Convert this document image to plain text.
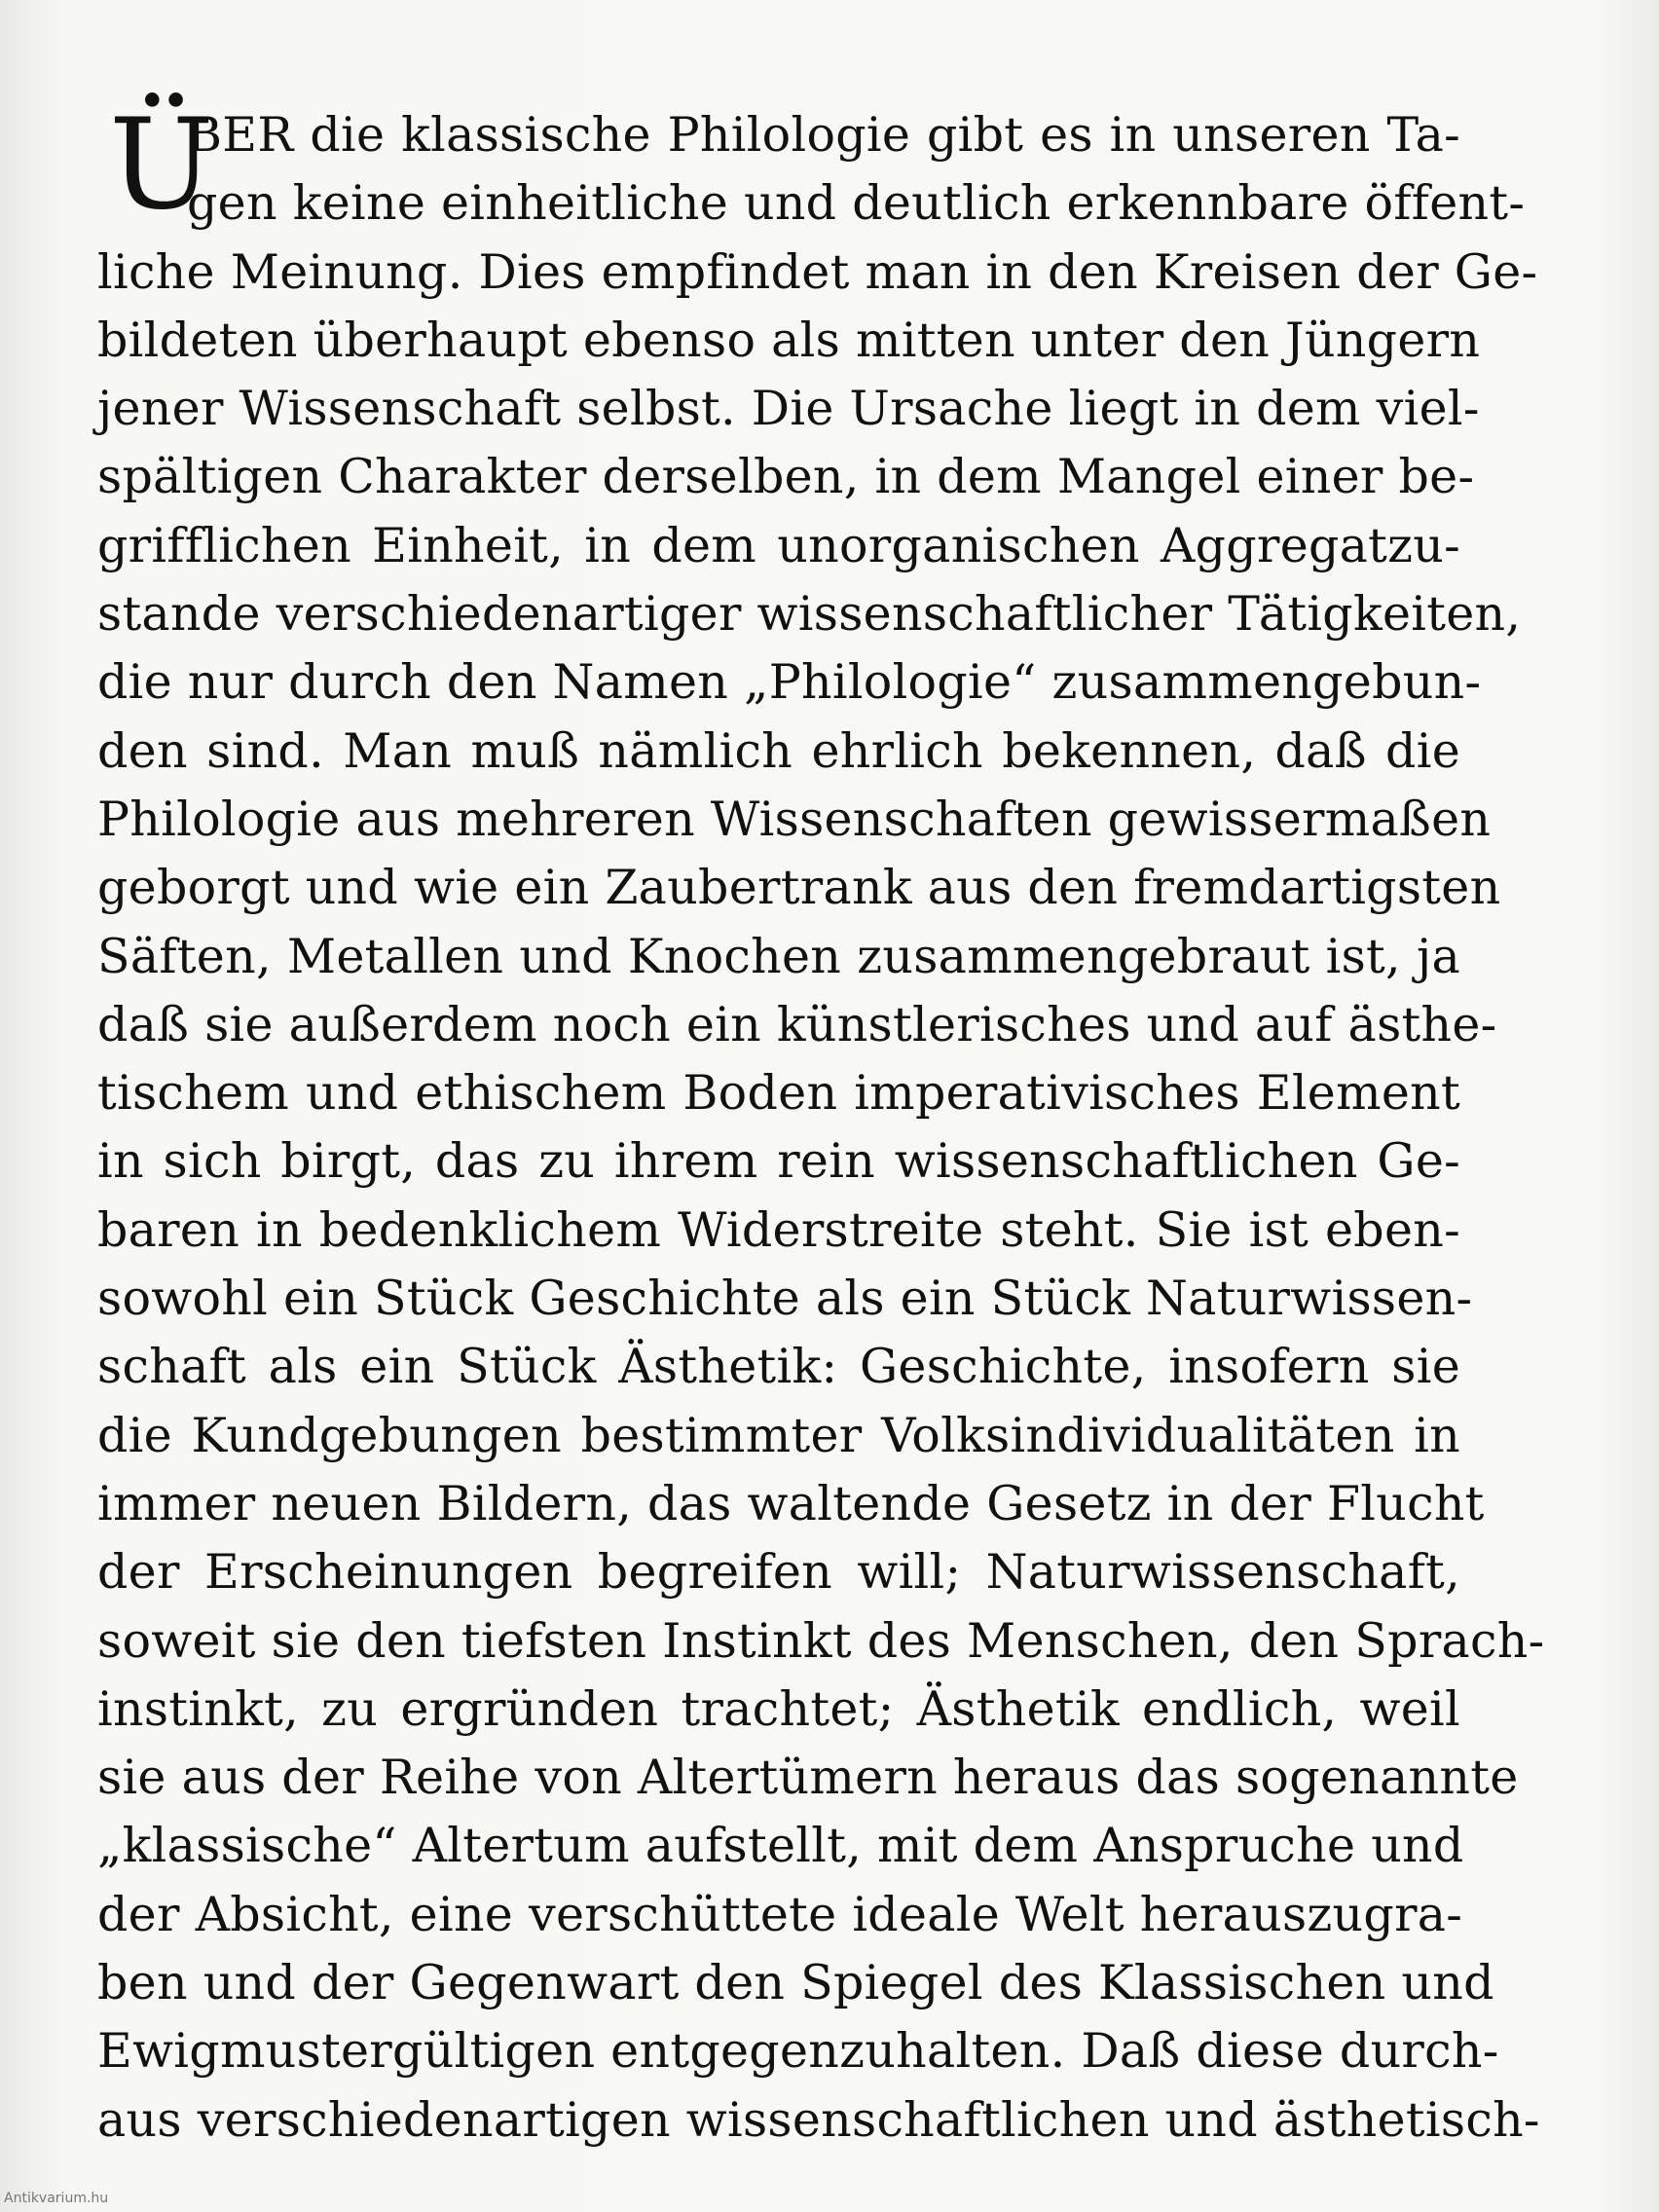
Ü
BER die klassische Philologie gibt es in unseren Ta-
gen keine einheitliche und deutlich erkennbare öffent-
liche Meinung. Dies empfindet man in den Kreisen der Ge-
bildeten überhaupt ebenso als mitten unter den Jüngern
jener Wissenschaft selbst. Die Ursache liegt in dem viel-
spältigen Charakter derselben, in dem Mangel einer be-
grifflichen Einheit, in dem unorganischen Aggregatzu-
stande verschiedenartiger wissenschaftlicher Tätigkeiten,
die nur durch den Namen „Philologie“ zusammengebun-
den sind. Man muß nämlich ehrlich bekennen, daß die
Philologie aus mehreren Wissenschaften gewissermaßen
geborgt und wie ein Zaubertrank aus den fremdartigsten
Säften, Metallen und Knochen zusammengebraut ist, ja
daß sie außerdem noch ein künstlerisches und auf ästhe-
tischem und ethischem Boden imperativisches Element
in sich birgt, das zu ihrem rein wissenschaftlichen Ge-
baren in bedenklichem Widerstreite steht. Sie ist eben-
sowohl ein Stück Geschichte als ein Stück Naturwissen-
schaft als ein Stück Ästhetik: Geschichte, insofern sie
die Kundgebungen bestimmter Volksindividualitäten in
immer neuen Bildern, das waltende Gesetz in der Flucht
der Erscheinungen begreifen will; Naturwissenschaft,
soweit sie den tiefsten Instinkt des Menschen, den Sprach-
instinkt, zu ergründen trachtet; Ästhetik endlich, weil
sie aus der Reihe von Altertümern heraus das sogenannte
„klassische“ Altertum aufstellt, mit dem Anspruche und
der Absicht, eine verschüttete ideale Welt herauszugra-
ben und der Gegenwart den Spiegel des Klassischen und
Ewigmustergültigen entgegenzuhalten. Daß diese durch-
aus verschiedenartigen wissenschaftlichen und ästhetisch-
Antikvarium.hu
